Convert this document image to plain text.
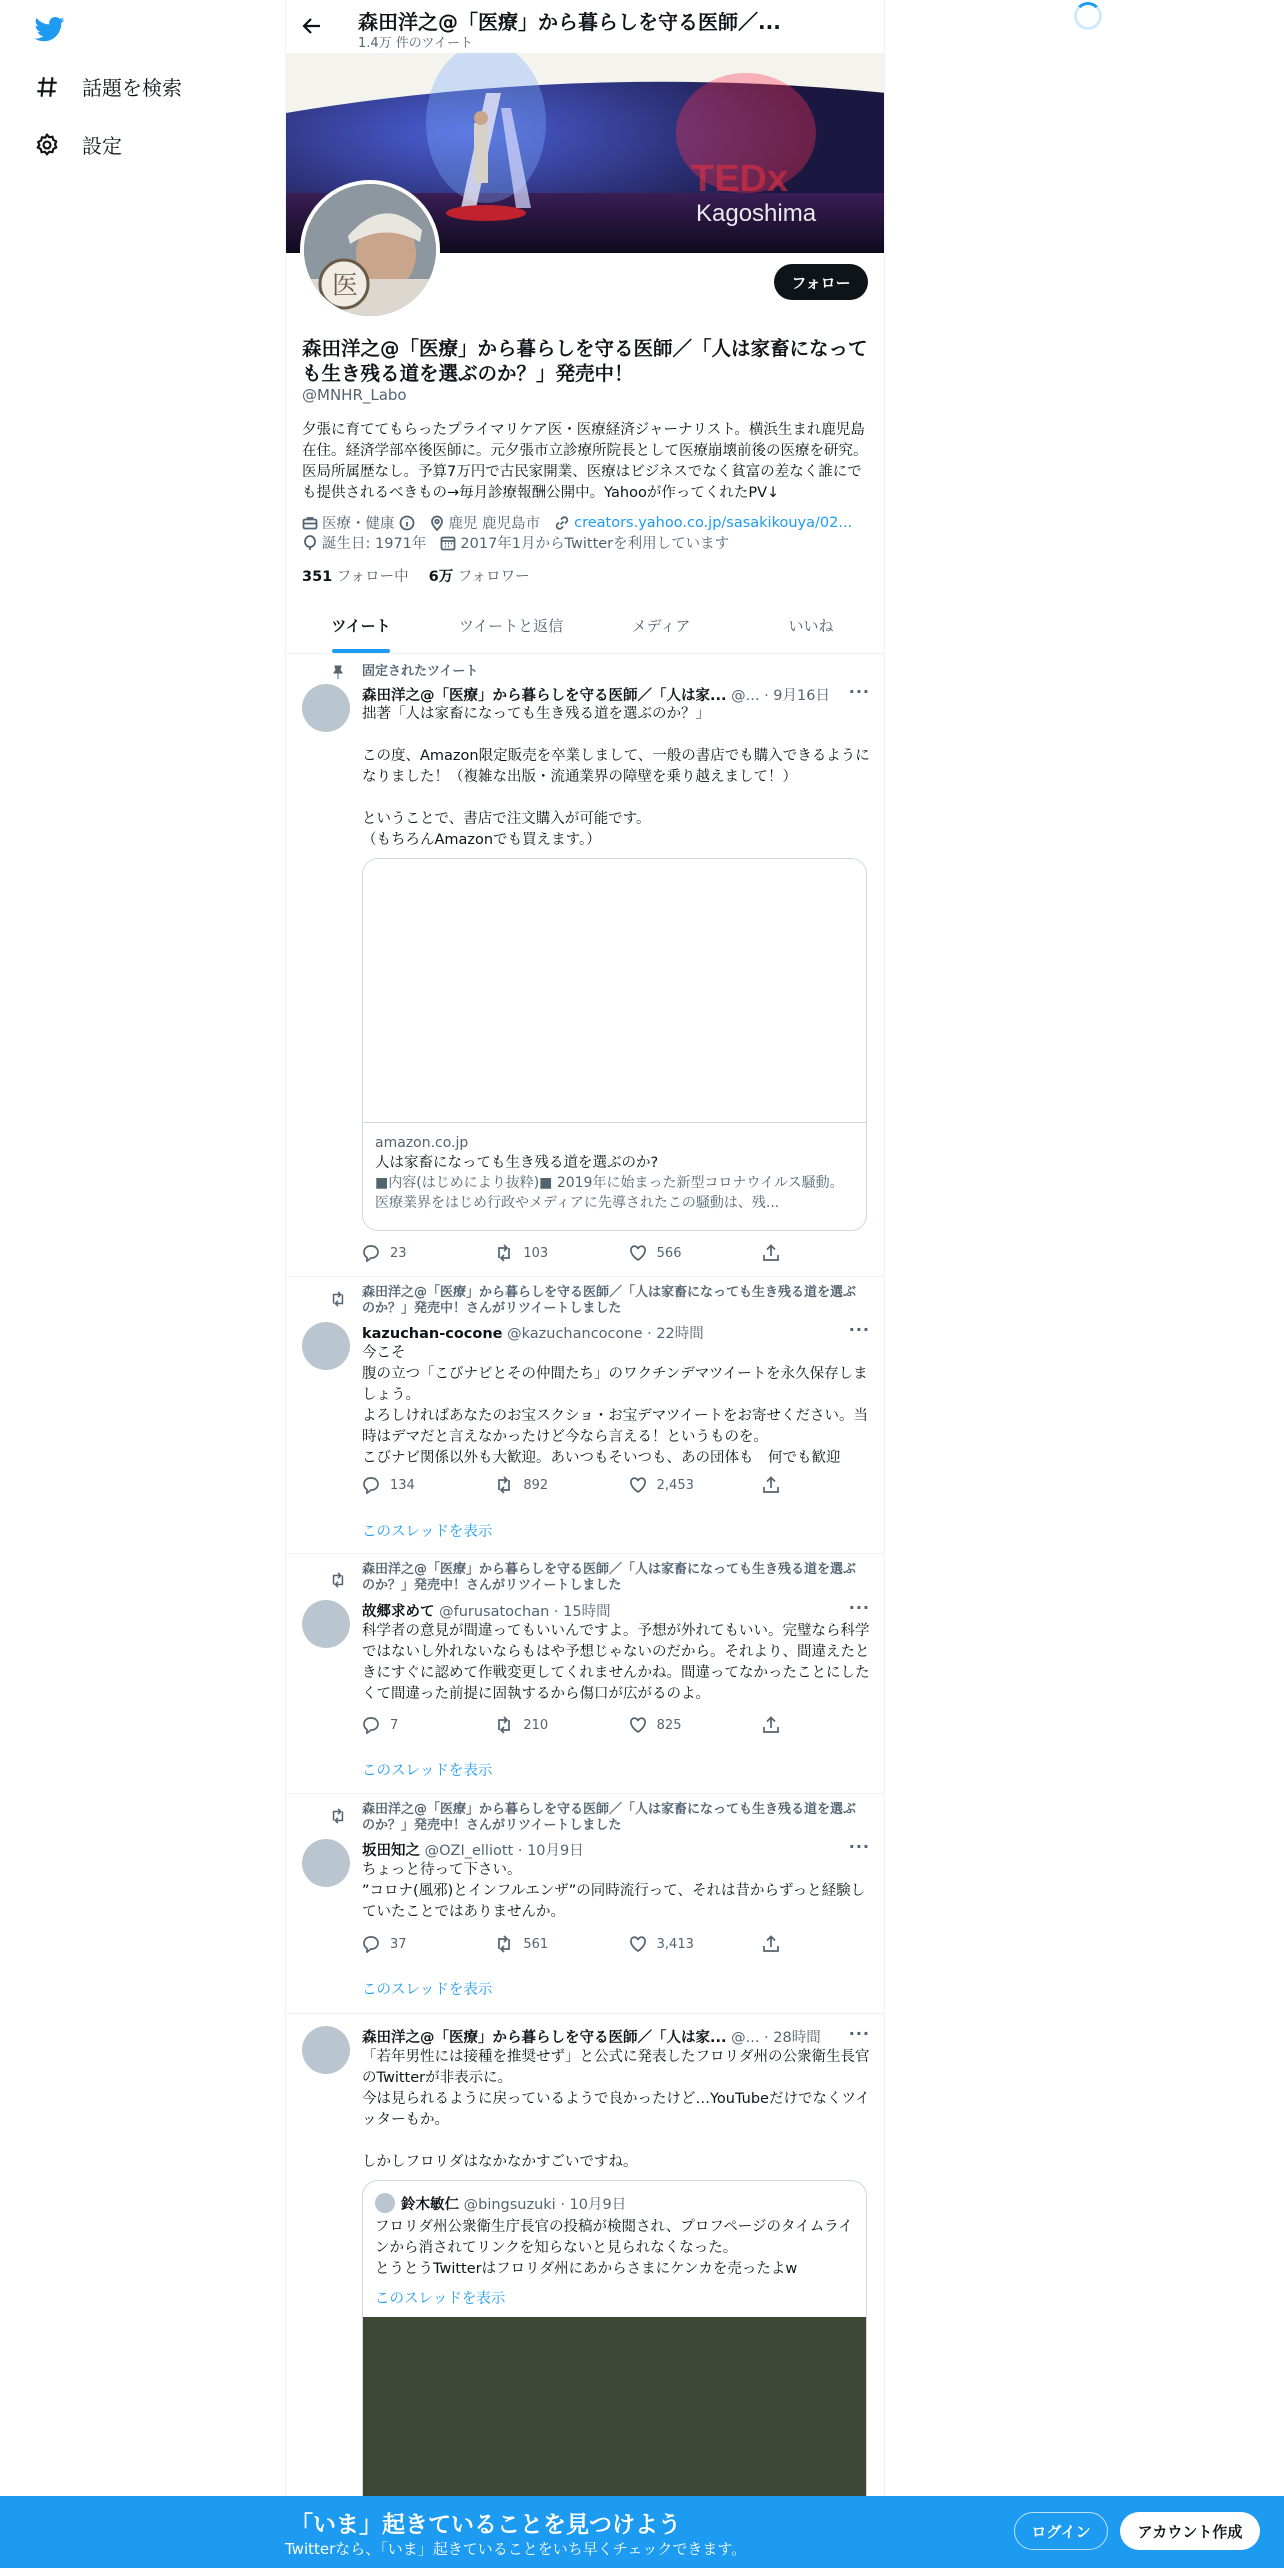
話題を検索
設定
森田洋之@「医療」から暮らしを守る医師／...
1.4万 件のツイート
Kagoshima
TEDx
医	フォロー
森田洋之@「医療」から暮らしを守る医師／「人は家畜になっても生き残る道を選ぶのか？」発売中！
@MNHR_Labo
夕張に育ててもらったプライマリケア医・医療経済ジャーナリスト。横浜生まれ鹿児島在住。経済学部卒後医師に。元夕張市立診療所院長として医療崩壊前後の医療を研究。医局所属歴なし。予算7万円で古民家開業、医療はビジネスでなく貧富の差なく誰にでも提供されるべきもの→毎月診療報酬公開中。Yahooが作ってくれたPV↓
医療・健康	鹿児 鹿児島市 creators.yahoo.co.jp/sasakikouya/02...
誕生日: 1971年 2017年1月からTwitterを利用しています
351 フォロー中 6万 フォロワー
ツイート	ツイートと返信	メディア	いいね
固定されたツイート
森田洋之@「医療」から暮らしを守る医師／「人は家... @... · 9月16日 ···
拙著「人は家畜になっても生き残る道を選ぶのか？」

この度、Amazon限定販売を卒業しまして、一般の書店でも購入できるようになりました！（複雑な出版・流通業界の障壁を乗り越えまして！）

ということで、書店で注文購入が可能です。
（もちろんAmazonでも買えます。）
amazon.co.jp
人は家畜になっても生き残る道を選ぶのか?
■内容(はじめにより抜粋)■ 2019年に始まった新型コロナウイルス騒動。 医療業界をはじめ行政やメディアに先導されたこの騒動は、残...
23	103	566
森田洋之@「医療」から暮らしを守る医師／「人は家畜になっても生き残る道を選ぶのか？」発売中！さんがリツイートしました
kazuchan-cocone @kazuchancocone · 22時間	···
今こそ
腹の立つ「こびナビとその仲間たち」のワクチンデマツイートを永久保存しましょう。
よろしければあなたのお宝スクショ・お宝デマツイートをお寄せください。当時はデマだと言えなかったけど今なら言える！というものを。
こびナビ関係以外も大歓迎。あいつもそいつも、あの団体も　何でも歓迎
134	892	2,453
このスレッドを表示
森田洋之@「医療」から暮らしを守る医師／「人は家畜になっても生き残る道を選ぶのか？」発売中！さんがリツイートしました
故郷求めて @furusatochan · 15時間	···
科学者の意見が間違ってもいいんですよ。予想が外れてもいい。完璧なら科学ではないし外れないならもはや予想じゃないのだから。それより、間違えたときにすぐに認めて作戦変更してくれませんかね。間違ってなかったことにしたくて間違った前提に固執するから傷口が広がるのよ。
7	210	825
このスレッドを表示
森田洋之@「医療」から暮らしを守る医師／「人は家畜になっても生き残る道を選ぶのか？」発売中！さんがリツイートしました
坂田知之 @OZI_elliott · 10月9日	···
ちょっと待って下さい。
”コロナ(風邪)とインフルエンザ”の同時流行って、それは昔からずっと経験していたことではありませんか。
37	561	3,413
このスレッドを表示
森田洋之@「医療」から暮らしを守る医師／「人は家... @... · 28時間	···
「若年男性には接種を推奨せず」と公式に発表したフロリダ州の公衆衛生長官のTwitterが非表示に。
今は見られるように戻っているようで良かったけど…YouTubeだけでなくツイッターもか。

しかしフロリダはなかなかすごいですね。
鈴木敏仁 @bingsuzuki · 10月9日
フロリダ州公衆衛生庁長官の投稿が検閲され、プロフページのタイムラインから消されてリンクを知らないと見られなくなった。
とうとうTwitterはフロリダ州にあからさまにケンカを売ったよw
このスレッドを表示
「いま」起きていることを見つけよう
Twitterなら、「いま」起きていることをいち早くチェックできます。
ログイン	アカウント作成
